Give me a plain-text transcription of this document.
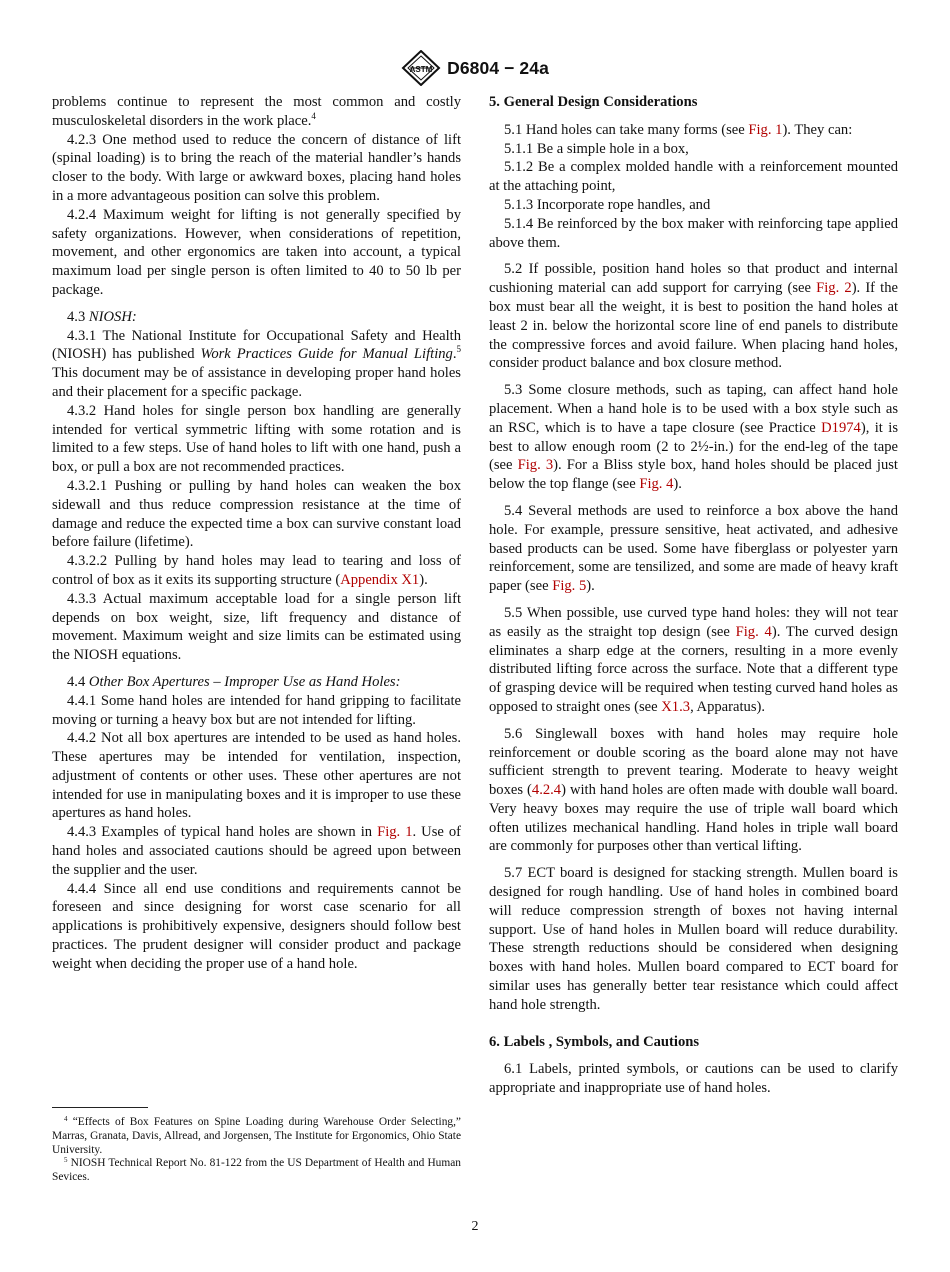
ASTM D6804 − 24a

problems continue to represent the most common and costly musculoskeletal disorders in the work place.$^4$

4.2.3 One method used to reduce the concern of distance of lift (spinal loading) is to bring the reach of the material handler’s hands closer to the body. With large or awkward boxes, placing hand holes in a more advantageous position can solve this problem.

4.2.4 Maximum weight for lifting is not generally specified by safety organizations. However, when considerations of repetition, movement, and other ergonomics are taken into account, a typical maximum load per single person is often limited to 40 to 50 lb per package.

4.3 NIOSH:

4.3.1 The National Institute for Occupational Safety and Health (NIOSH) has published Work Practices Guide for Manual Lifting.$^5$ This document may be of assistance in developing proper hand holes and their placement for a specific package.

4.3.2 Hand holes for single person box handling are generally intended for vertical symmetric lifting with some rotation and is limited to a few steps. Use of hand holes to lift with one hand, push a box, or pull a box are not recommended practices.

4.3.2.1 Pushing or pulling by hand holes can weaken the box sidewall and thus reduce compression resistance at the time of damage and reduce the expected time a box can survive constant load before failure (lifetime).

4.3.2.2 Pulling by hand holes may lead to tearing and loss of control of box as it exits its supporting structure (Appendix X1).

4.3.3 Actual maximum acceptable load for a single person lift depends on box weight, size, lift frequency and distance of movement. Maximum weight and size limits can be estimated using the NIOSH equations.

4.4 Other Box Apertures – Improper Use as Hand Holes:

4.4.1 Some hand holes are intended for hand gripping to facilitate moving or turning a heavy box but are not intended for lifting.

4.4.2 Not all box apertures are intended to be used as hand holes. These apertures may be intended for ventilation, inspection, adjustment of contents or other uses. These other apertures are not intended for use in manipulating boxes and it is improper to use these apertures as hand holes.

4.4.3 Examples of typical hand holes are shown in Fig. 1. Use of hand holes and associated cautions should be agreed upon between the supplier and the user.

4.4.4 Since all end use conditions and requirements cannot be foreseen and since designing for worst case scenario for all applications is prohibitively expensive, designers should follow best practices. The prudent designer will consider product and package weight when deciding the proper use of a hand hole.

$^4$ “Effects of Box Features on Spine Loading during Warehouse Order Selecting,” Marras, Granata, Davis, Allread, and Jorgensen, The Institute for Ergonomics, Ohio State University.

$^5$ NIOSH Technical Report No. 81-122 from the US Department of Health and Human Sevices.

5. General Design Considerations

5.1 Hand holes can take many forms (see Fig. 1). They can:

5.1.1 Be a simple hole in a box,

5.1.2 Be a complex molded handle with a reinforcement mounted at the attaching point,

5.1.3 Incorporate rope handles, and

5.1.4 Be reinforced by the box maker with reinforcing tape applied above them.

5.2 If possible, position hand holes so that product and internal cushioning material can add support for carrying (see Fig. 2). If the box must bear all the weight, it is best to position the hand holes at least 2 in. below the horizontal score line of end panels to distribute the compressive forces and avoid failure. When placing hand holes, consider product balance and box closure method.

5.3 Some closure methods, such as taping, can affect hand hole placement. When a hand hole is to be used with a box style such as an RSC, which is to have a tape closure (see Practice D1974), it is best to allow enough room (2 to 2½-in.) for the end-leg of the tape (see Fig. 3). For a Bliss style box, hand holes should be placed just below the top flange (see Fig. 4).

5.4 Several methods are used to reinforce a box above the hand hole. For example, pressure sensitive, heat activated, and adhesive based products can be used. Some have fiberglass or polyester yarn reinforcement, some are tensilized, and some are made of heavy kraft paper (see Fig. 5).

5.5 When possible, use curved type hand holes: they will not tear as easily as the straight top design (see Fig. 4). The curved design eliminates a sharp edge at the corners, resulting in a more evenly distributed lifting force across the surface. Note that a different type of grasping device will be required when testing curved hand holes as opposed to straight ones (see X1.3, Apparatus).

5.6 Singlewall boxes with hand holes may require hole reinforcement or double scoring as the board alone may not have sufficient strength to prevent tearing. Moderate to heavy weight boxes (4.2.4) with hand holes are often made with double wall board. Very heavy boxes may require the use of triple wall board which often utilizes mechanical handling. Hand holes in triple wall board are commonly for purposes other than vertical lifting.

5.7 ECT board is designed for stacking strength. Mullen board is designed for rough handling. Use of hand holes in combined board will reduce compression strength of boxes not having internal support. Use of hand holes in Mullen board will reduce durability. These strength reductions should be considered when designing boxes with hand holes. Mullen board compared to ECT board for similar uses has generally better tear resistance which could affect hand hole strength.

6. Labels , Symbols, and Cautions

6.1 Labels, printed symbols, or cautions can be used to clarify appropriate and inappropriate use of hand holes.

2
